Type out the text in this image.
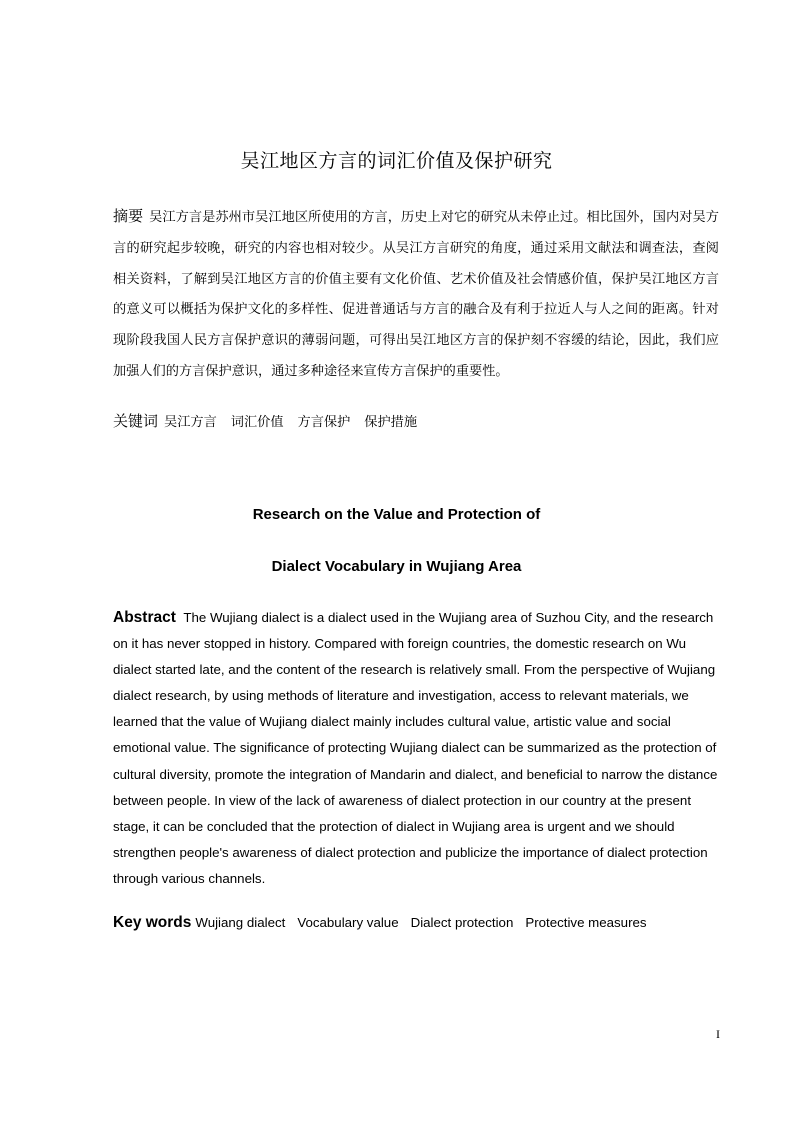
吴江地区方言的词汇价值及保护研究

摘要 吴江方言是苏州市吴江地区所使用的方言，历史上对它的研究从未停止过。相比国外，国内对吴方言的研究起步较晚，研究的内容也相对较少。从吴江方言研究的角度，通过采用文献法和调查法，查阅相关资料，了解到吴江地区方言的价值主要有文化价值、艺术价值及社会情感价值，保护吴江地区方言的意义可以概括为保护文化的多样性、促进普通话与方言的融合及有利于拉近人与人之间的距离。针对现阶段我国人民方言保护意识的薄弱问题，可得出吴江地区方言的保护刻不容缓的结论，因此，我们应加强人们的方言保护意识，通过多种途径来宣传方言保护的重要性。

关键词 吴江方言 词汇价值 方言保护 保护措施

Research on the Value and Protection of
Dialect Vocabulary in Wujiang Area

Abstract The Wujiang dialect is a dialect used in the Wujiang area of Suzhou City, and the research on it has never stopped in history. Compared with foreign countries, the domestic research on Wu dialect started late, and the content of the research is relatively small. From the perspective of Wujiang dialect research, by using methods of literature and investigation, access to relevant materials, we learned that the value of Wujiang dialect mainly includes cultural value, artistic value and social emotional value. The significance of protecting Wujiang dialect can be summarized as the protection of cultural diversity, promote the integration of Mandarin and dialect, and beneficial to narrow the distance between people. In view of the lack of awareness of dialect protection in our country at the present stage, it can be concluded that the protection of dialect in Wujiang area is urgent and we should strengthen people's awareness of dialect protection and publicize the importance of dialect protection through various channels.

Key words Wujiang dialect Vocabulary value Dialect protection Protective measures

I
